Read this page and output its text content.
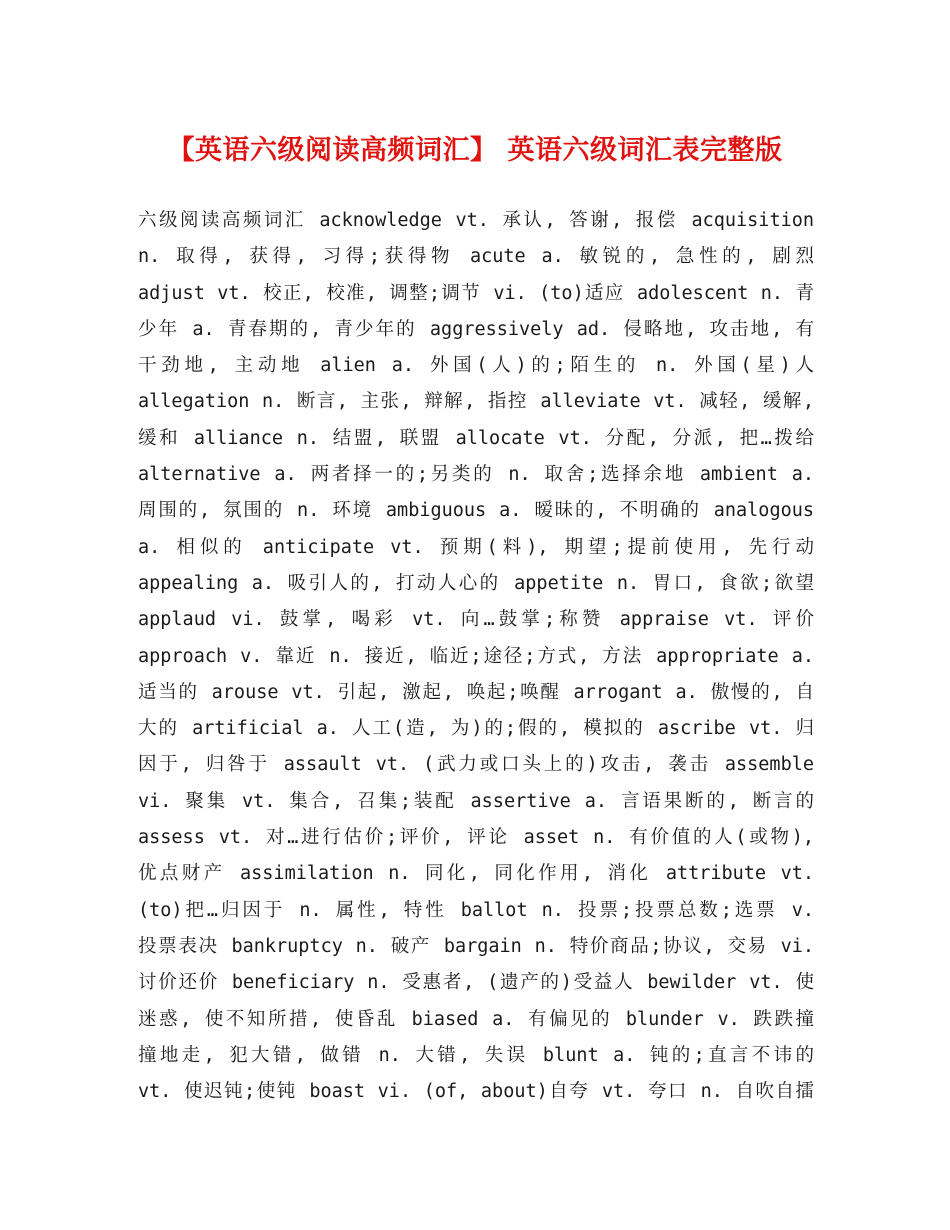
【英语六级阅读高频词汇】 英语六级词汇表完整版
六级阅读高频词汇 acknowledge vt. 承认, 答谢, 报偿 acquisition
n. 取得, 获得, 习得;获得物 acute a. 敏锐的, 急性的, 剧烈
adjust vt. 校正, 校准, 调整;调节 vi. (to)适应 adolescent n. 青
少年 a. 青春期的, 青少年的 aggressively ad. 侵略地, 攻击地, 有
干劲地, 主动地 alien a. 外国(人)的;陌生的 n. 外国(星)人
allegation n. 断言, 主张, 辩解, 指控 alleviate vt. 减轻, 缓解,
缓和 alliance n. 结盟, 联盟 allocate vt. 分配, 分派, 把…拨给
alternative a. 两者择一的;另类的 n. 取舍;选择余地 ambient a.
周围的, 氛围的 n. 环境 ambiguous a. 暧昧的, 不明确的 analogous
a. 相似的 anticipate vt. 预期(料), 期望;提前使用, 先行动
appealing a. 吸引人的, 打动人心的 appetite n. 胃口, 食欲;欲望
applaud vi. 鼓掌, 喝彩 vt. 向…鼓掌;称赞 appraise vt. 评价
approach v. 靠近 n. 接近, 临近;途径;方式, 方法 appropriate a.
适当的 arouse vt. 引起, 激起, 唤起;唤醒 arrogant a. 傲慢的, 自
大的 artificial a. 人工(造, 为)的;假的, 模拟的 ascribe vt. 归
因于, 归咎于 assault vt. (武力或口头上的)攻击, 袭击 assemble
vi. 聚集 vt. 集合, 召集;装配 assertive a. 言语果断的, 断言的
assess vt. 对…进行估价;评价, 评论 asset n. 有价值的人(或物),
优点财产 assimilation n. 同化, 同化作用, 消化 attribute vt.
(to)把…归因于 n. 属性, 特性 ballot n. 投票;投票总数;选票 v.
投票表决 bankruptcy n. 破产 bargain n. 特价商品;协议, 交易 vi.
讨价还价 beneficiary n. 受惠者, (遗产的)受益人 bewilder vt. 使
迷惑, 使不知所措, 使昏乱 biased a. 有偏见的 blunder v. 跌跌撞
撞地走, 犯大错, 做错 n. 大错, 失误 blunt a. 钝的;直言不讳的
vt. 使迟钝;使钝 boast vi. (of, about)自夸 vt. 夸口 n. 自吹自擂
